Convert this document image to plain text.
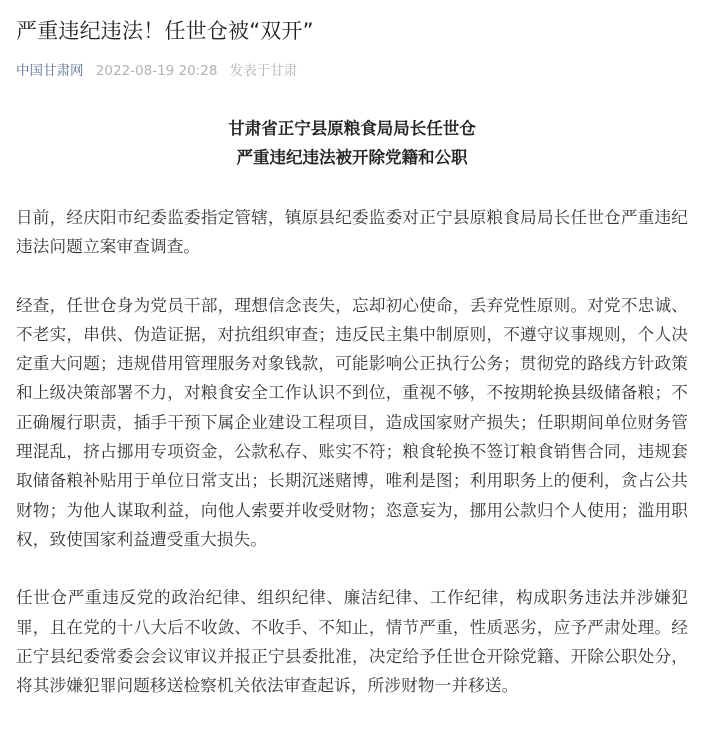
严重违纪违法！任世仓被“双开”
中国甘肃网 2022-08-19 20:28 发表于甘肃
甘肃省正宁县原粮食局局长任世仓
严重违纪违法被开除党籍和公职

日前，经庆阳市纪委监委指定管辖，镇原县纪委监委对正宁县原粮食局局长任世仓严重违纪违法问题立案审查调查。

经查，任世仓身为党员干部，理想信念丧失，忘却初心使命，丢弃党性原则。对党不忠诚、不老实，串供、伪造证据，对抗组织审查；违反民主集中制原则，不遵守议事规则，个人决定重大问题；违规借用管理服务对象钱款，可能影响公正执行公务；贯彻党的路线方针政策和上级决策部署不力，对粮食安全工作认识不到位，重视不够，不按期轮换县级储备粮；不正确履行职责，插手干预下属企业建设工程项目，造成国家财产损失；任职期间单位财务管理混乱，挤占挪用专项资金，公款私存、账实不符；粮食轮换不签订粮食销售合同，违规套取储备粮补贴用于单位日常支出；长期沉迷赌博，唯利是图；利用职务上的便利，贪占公共财物；为他人谋取利益，向他人索要并收受财物；恣意妄为，挪用公款归个人使用；滥用职权，致使国家利益遭受重大损失。

任世仓严重违反党的政治纪律、组织纪律、廉洁纪律、工作纪律，构成职务违法并涉嫌犯罪，且在党的十八大后不收敛、不收手、不知止，情节严重，性质恶劣，应予严肃处理。经正宁县纪委常委会会议审议并报正宁县委批准，决定给予任世仓开除党籍、开除公职处分，将其涉嫌犯罪问题移送检察机关依法审查起诉，所涉财物一并移送。
